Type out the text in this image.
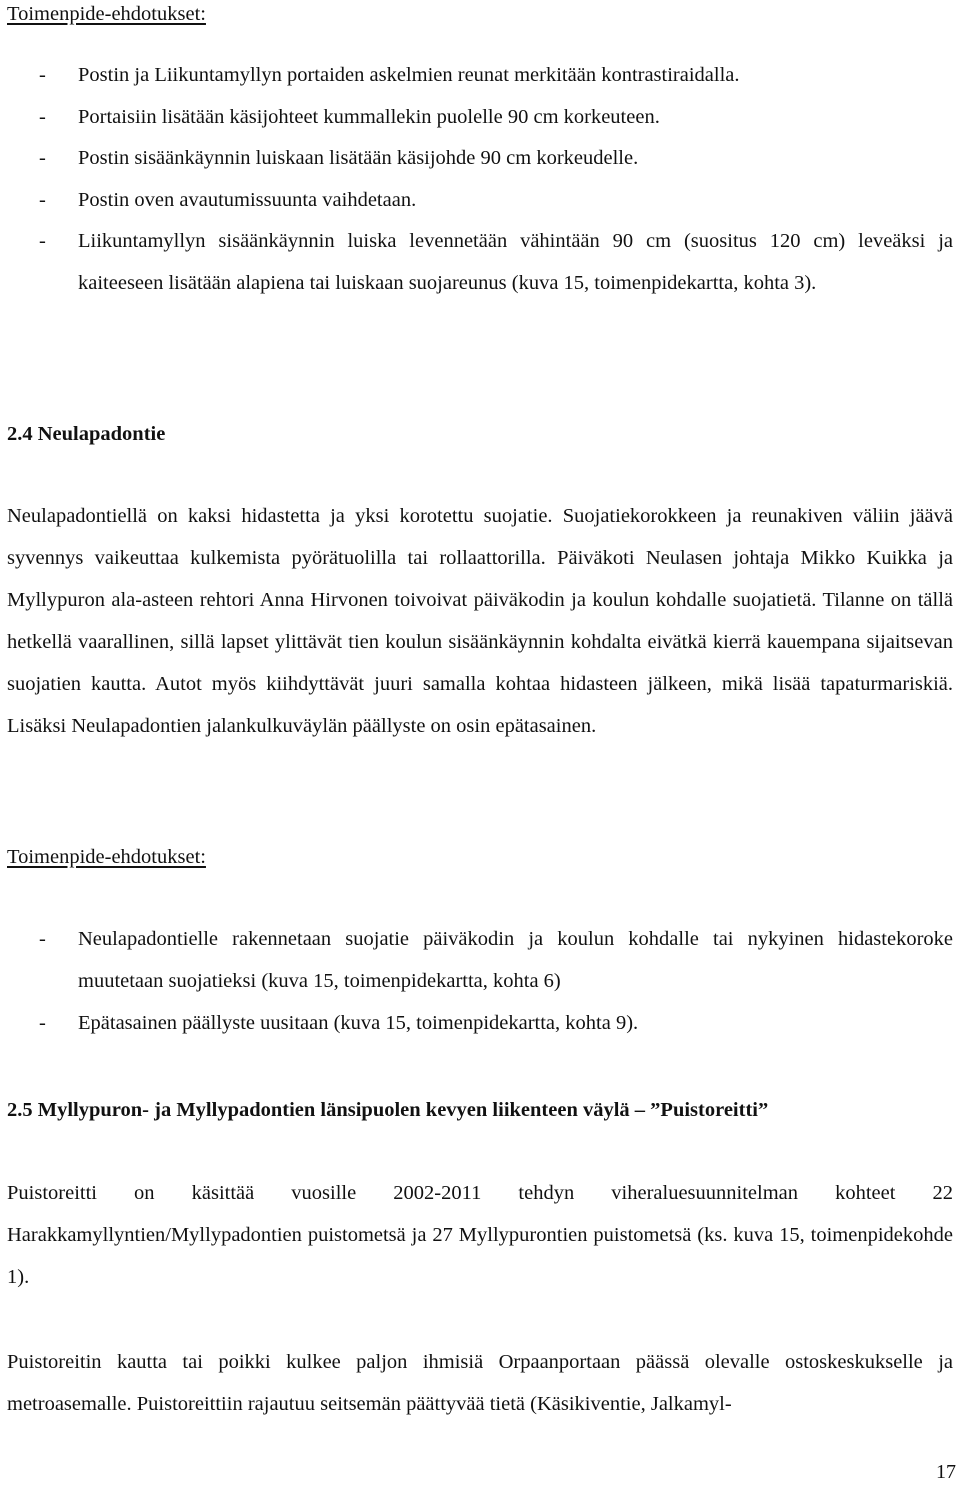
Toimenpide-ehdotukset:
- Postin ja Liikuntamyllyn portaiden askelmien reunat merkitään kontrastiraidalla.
- Portaisiin lisätään käsijohteet kummallekin puolelle 90 cm korkeuteen.
- Postin sisäänkäynnin luiskaan lisätään käsijohde 90 cm korkeudelle.
- Postin oven avautumissuunta vaihdetaan.
- Liikuntamyllyn sisäänkäynnin luiska levennetään vähintään 90 cm (suositus 120 cm) leveäksi ja kaiteeseen lisätään alapiena tai luiskaan suojareunus (kuva 15, toimenpidekartta, kohta 3).
2.4 Neulapadontie

Neulapadontiellä on kaksi hidastetta ja yksi korotettu suojatie. Suojatiekorokkeen ja reunakiven väliin jäävä syvennys vaikeuttaa kulkemista pyörätuolilla tai rollaattorilla. Päiväkoti Neulasen johtaja Mikko Kuikka ja Myllypuron ala-asteen rehtori Anna Hirvonen toivoivat päiväkodin ja koulun kohdalle suojatietä. Tilanne on tällä hetkellä vaarallinen, sillä lapset ylittävät tien koulun sisäänkäynnin kohdalta eivätkä kierrä kauempana sijaitsevan suojatien kautta. Autot myös kiihdyttävät juuri samalla kohtaa hidasteen jälkeen, mikä lisää tapaturmariskiä. Lisäksi Neulapadontien jalankulkuväylän päällyste on osin epätasainen.

Toimenpide-ehdotukset:
- Neulapadontielle rakennetaan suojatie päiväkodin ja koulun kohdalle tai nykyinen hidastekoroke muutetaan suojatieksi (kuva 15, toimenpidekartta, kohta 6)
- Epätasainen päällyste uusitaan (kuva 15, toimenpidekartta, kohta 9).
2.5 Myllypuron- ja Myllypadontien länsipuolen kevyen liikenteen väylä – ”Puistoreitti”

Puistoreitti on käsittää vuosille 2002-2011 tehdyn viheraluesuunnitelman kohteet 22 Harakkamyllyntien/Myllypadontien puistometsä ja 27 Myllypurontien puistometsä (ks. kuva 15, toimenpidekohde 1).

Puistoreitin kautta tai poikki kulkee paljon ihmisiä Orpaanportaan päässä olevalle ostoskeskukselle ja metroasemalle. Puistoreittiin rajautuu seitsemän päättyvää tietä (Käsikiventie, Jalkamyl-

17
